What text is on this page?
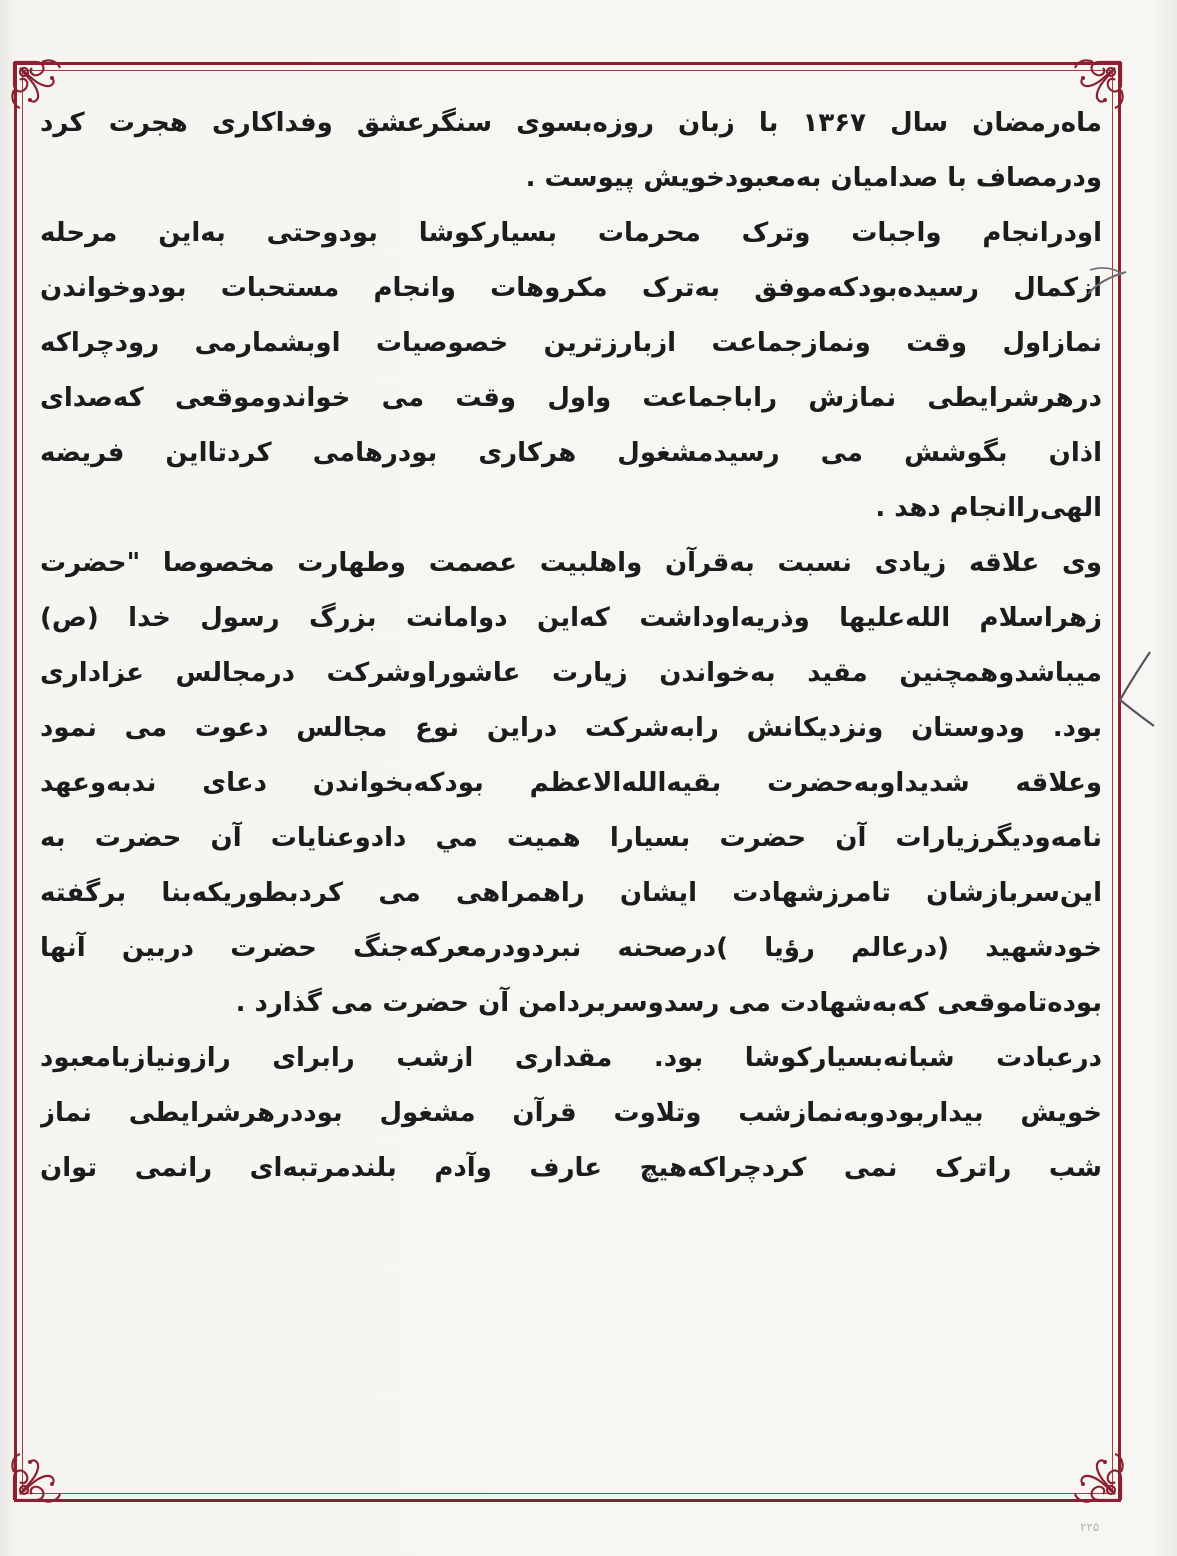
ماه‌رمضان سال ۱۳۶۷ با زبان روزه‌بسوی سنگرعشق وفداکاری هجرت کرد
ودرمصاف با صدامیان به‌معبودخویش پیوست .
اودرانجام واجبات وترک محرمات بسیارکوشا بودوحتی به‌این مرحله
ازکمال رسیده‌بودکه‌موفق به‌ترک مکروهات وانجام مستحبات بودوخواندن
نمازاول وقت ونمازجماعت ازبارزترین خصوصیات اوبشمارمی رودچراکه
درهرشرایطی نمازش راباجماعت واول وقت می خواندوموقعی که‌صدای
اذان بگوشش می رسیدمشغول هرکاری بودرهامی کردتااین فریضه‌
الهی‌راانجام دهد .
وی علاقه‌ زیادی نسبت به‌قرآن واهلبیت عصمت وطهارت مخصوصا "حضرت
زهراسلام الله‌علیها وذریه‌اوداشت که‌این دوامانت بزرگ رسول خدا (ص)
میباشدوهمچنین مقید به‌خواندن زیارت عاشوراوشرکت درمجالس عزاداری
بود. ودوستان ونزدیکانش رابه‌شرکت دراین نوع مجالس دعوت می نمود
وعلاقه‌ شدیداوبه‌حضرت بقیه‌الله‌الاعظم بودکه‌بخواندن دعای ندبه‌وعهد
نامه‌وديگرزيارات آن حضرت بسيارا هميت مي دادوعنايات آن حضرت به
این‌سربازشان تامرزشهادت ایشان راهمراهی می کردبطوریکه‌بنا برگفته‌
خودشهید (درعالم رؤیا )درصحنه‌ نبردودرمعرکه‌جنگ حضرت دربین آنها
بوده‌تاموقعی که‌به‌شهادت می رسدوسربردامن آن حضرت می گذارد .
درعبادت شبانه‌بسیارکوشا بود. مقداری ازشب رابرای رازونیازبامعبود
خویش بیداربودوبه‌نمازشب وتلاوت قرآن مشغول بوددرهرشرایطی نماز
شب راترک نمی کردچراکه‌هیچ عارف وآدم بلندمرتبه‌ای رانمی توان
۲۲۵
